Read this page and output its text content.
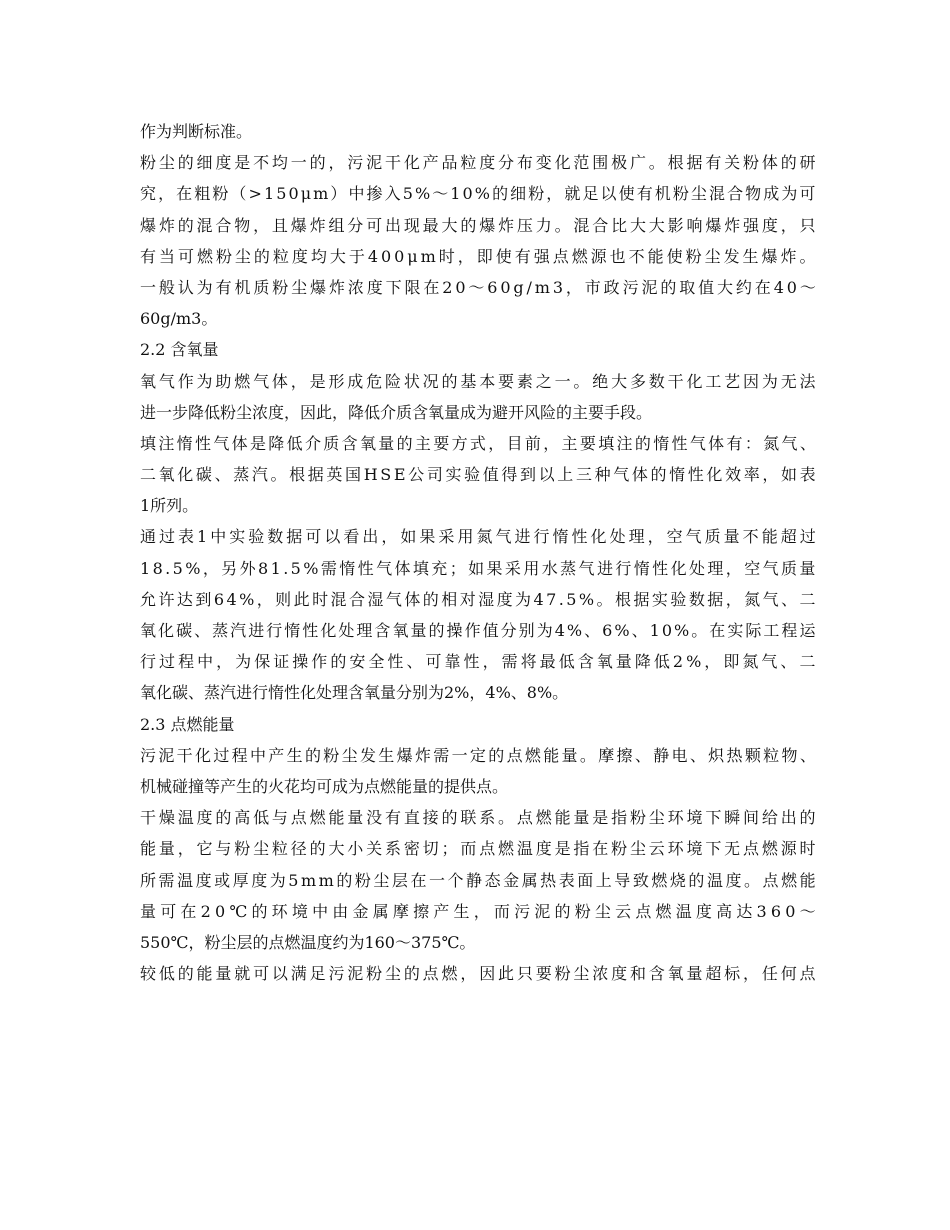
作为判断标准。
粉 尘 的 细 度 是 不 均 一 的 ， 污 泥 干 化 产 品 粒 度 分 布 变 化 范 围 极 广 。 根 据 有 关 粉 体 的 研
究 ， 在 粗 粉 （ > 1 5 0 μ m ） 中 掺 入 5 % ～ 1 0 % 的 细 粉 ， 就 足 以 使 有 机 粉 尘 混 合 物 成 为 可
爆 炸 的 混 合 物 ， 且 爆 炸 组 分 可 出 现 最 大 的 爆 炸 压 力 。 混 合 比 大 大 影 响 爆 炸 强 度 ， 只
有 当 可 燃 粉 尘 的 粒 度 均 大 于 4 0 0 μ m 时 ， 即 使 有 强 点 燃 源 也 不 能 使 粉 尘 发 生 爆 炸 。
一 般 认 为 有 机 质 粉 尘 爆 炸 浓 度 下 限 在 2 0 ～ 6 0 g / m 3 ， 市 政 污 泥 的 取 值 大 约 在 4 0 ～
60g/m3。
2.2 含氧量
氧 气 作 为 助 燃 气 体 ， 是 形 成 危 险 状 况 的 基 本 要 素 之 一 。 绝 大 多 数 干 化 工 艺 因 为 无 法
进一步降低粉尘浓度，因此，降低介质含氧量成为避开风险的主要手段。
填 注 惰 性 气 体 是 降 低 介 质 含 氧 量 的 主 要 方 式 ， 目 前 ， 主 要 填 注 的 惰 性 气 体 有 ： 氮 气 、
二 氧 化 碳 、 蒸 汽 。 根 据 英 国 H S E 公 司 实 验 值 得 到 以 上 三 种 气 体 的 惰 性 化 效 率 ， 如 表
1所列。
通 过 表 1 中 实 验 数 据 可 以 看 出 ， 如 果 采 用 氮 气 进 行 惰 性 化 处 理 ， 空 气 质 量 不 能 超 过
1 8 . 5 % ， 另 外 8 1 . 5 % 需 惰 性 气 体 填 充 ； 如 果 采 用 水 蒸 气 进 行 惰 性 化 处 理 ， 空 气 质 量
允 许 达 到 6 4 % ， 则 此 时 混 合 湿 气 体 的 相 对 湿 度 为 4 7 . 5 % 。 根 据 实 验 数 据 ， 氮 气 、 二
氧 化 碳 、 蒸 汽 进 行 惰 性 化 处 理 含 氧 量 的 操 作 值 分 别 为 4 % 、 6 % 、 1 0 % 。 在 实 际 工 程 运
行 过 程 中 ， 为 保 证 操 作 的 安 全 性 、 可 靠 性 ， 需 将 最 低 含 氧 量 降 低 2 % ， 即 氮 气 、 二
氧化碳、蒸汽进行惰性化处理含氧量分别为2%，4%、8%。
2.3 点燃能量
污 泥 干 化 过 程 中 产 生 的 粉 尘 发 生 爆 炸 需 一 定 的 点 燃 能 量 。 摩 擦 、 静 电 、 炽 热 颗 粒 物 、
机械碰撞等产生的火花均可成为点燃能量的提供点。
干 燥 温 度 的 高 低 与 点 燃 能 量 没 有 直 接 的 联 系 。 点 燃 能 量 是 指 粉 尘 环 境 下 瞬 间 给 出 的
能 量 ， 它 与 粉 尘 粒 径 的 大 小 关 系 密 切 ； 而 点 燃 温 度 是 指 在 粉 尘 云 环 境 下 无 点 燃 源 时
所 需 温 度 或 厚 度 为 5 m m 的 粉 尘 层 在 一 个 静 态 金 属 热 表 面 上 导 致 燃 烧 的 温 度 。 点 燃 能
量 可 在 2 0 ℃ 的 环 境 中 由 金 属 摩 擦 产 生 ， 而 污 泥 的 粉 尘 云 点 燃 温 度 高 达 3 6 0 ～
550℃，粉尘层的点燃温度约为160～375℃。
较 低 的 能 量 就 可 以 满 足 污 泥 粉 尘 的 点 燃 ， 因 此 只 要 粉 尘 浓 度 和 含 氧 量 超 标 ， 任 何 点
